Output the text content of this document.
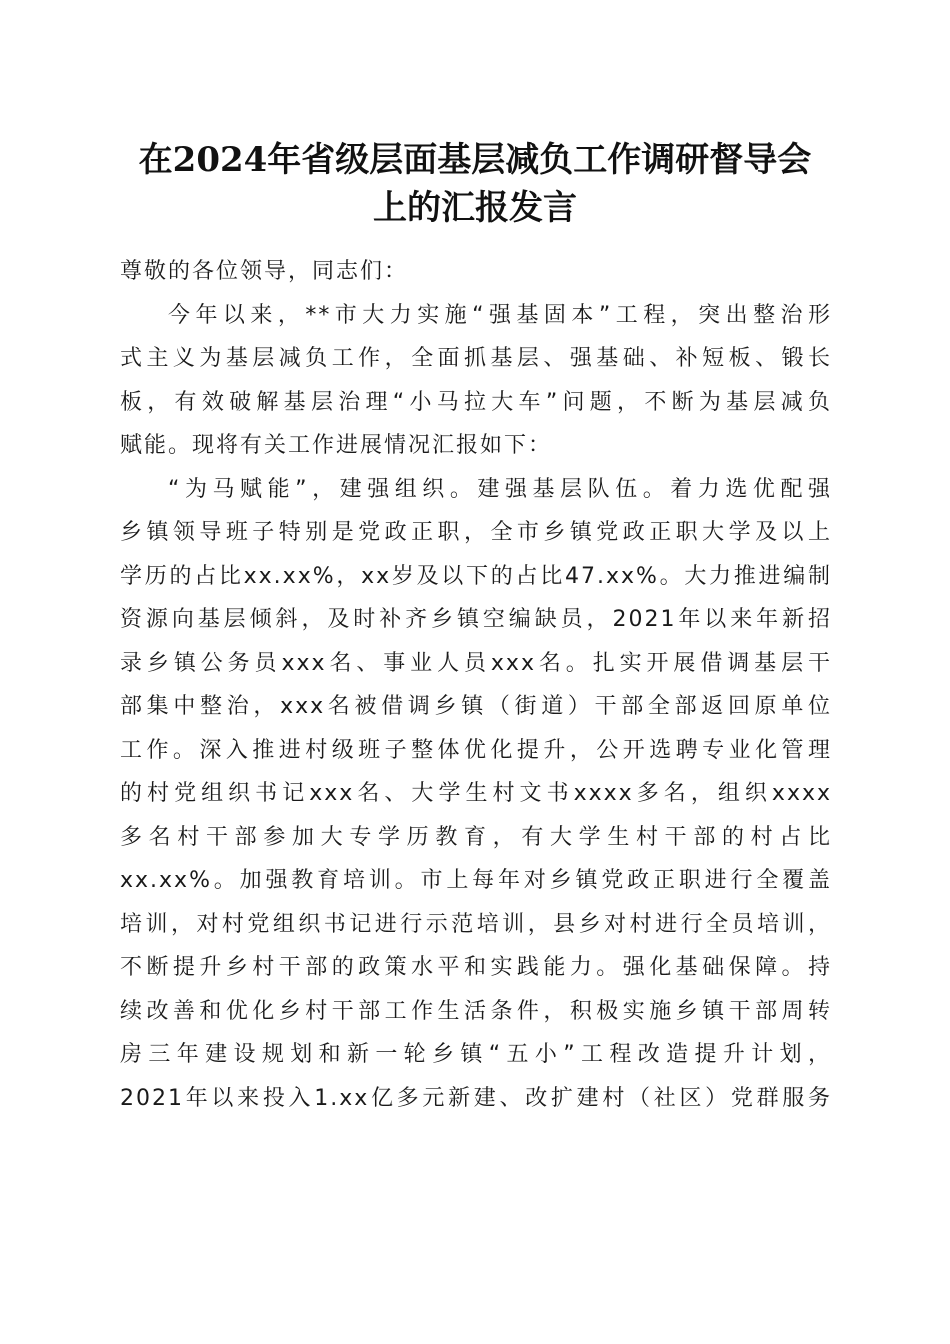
在2024年省级层面基层减负工作调研督导会
上的汇报发言
尊敬的各位领导，同志们：
今年以来，**市大力实施“强基固本”工程，突出整治形
式主义为基层减负工作，全面抓基层、强基础、补短板、锻长
板，有效破解基层治理“小马拉大车”问题，不断为基层减负
赋能。现将有关工作进展情况汇报如下：
“为马赋能”，建强组织。建强基层队伍。着力选优配强
乡镇领导班子特别是党政正职，全市乡镇党政正职大学及以上
学历的占比xx.xx%，xx岁及以下的占比47.xx%。大力推进编制
资源向基层倾斜，及时补齐乡镇空编缺员，2021年以来年新招
录乡镇公务员xxx名、事业人员xxx名。扎实开展借调基层干
部集中整治，xxx名被借调乡镇（街道）干部全部返回原单位
工作。深入推进村级班子整体优化提升，公开选聘专业化管理
的村党组织书记xxx名、大学生村文书xxxx多名，组织xxxx
多名村干部参加大专学历教育，有大学生村干部的村占比
xx.xx%。加强教育培训。市上每年对乡镇党政正职进行全覆盖
培训，对村党组织书记进行示范培训，县乡对村进行全员培训，
不断提升乡村干部的政策水平和实践能力。强化基础保障。持
续改善和优化乡村干部工作生活条件，积极实施乡镇干部周转
房三年建设规划和新一轮乡镇“五小”工程改造提升计划，
2021年以来投入1.xx亿多元新建、改扩建村（社区）党群服务
